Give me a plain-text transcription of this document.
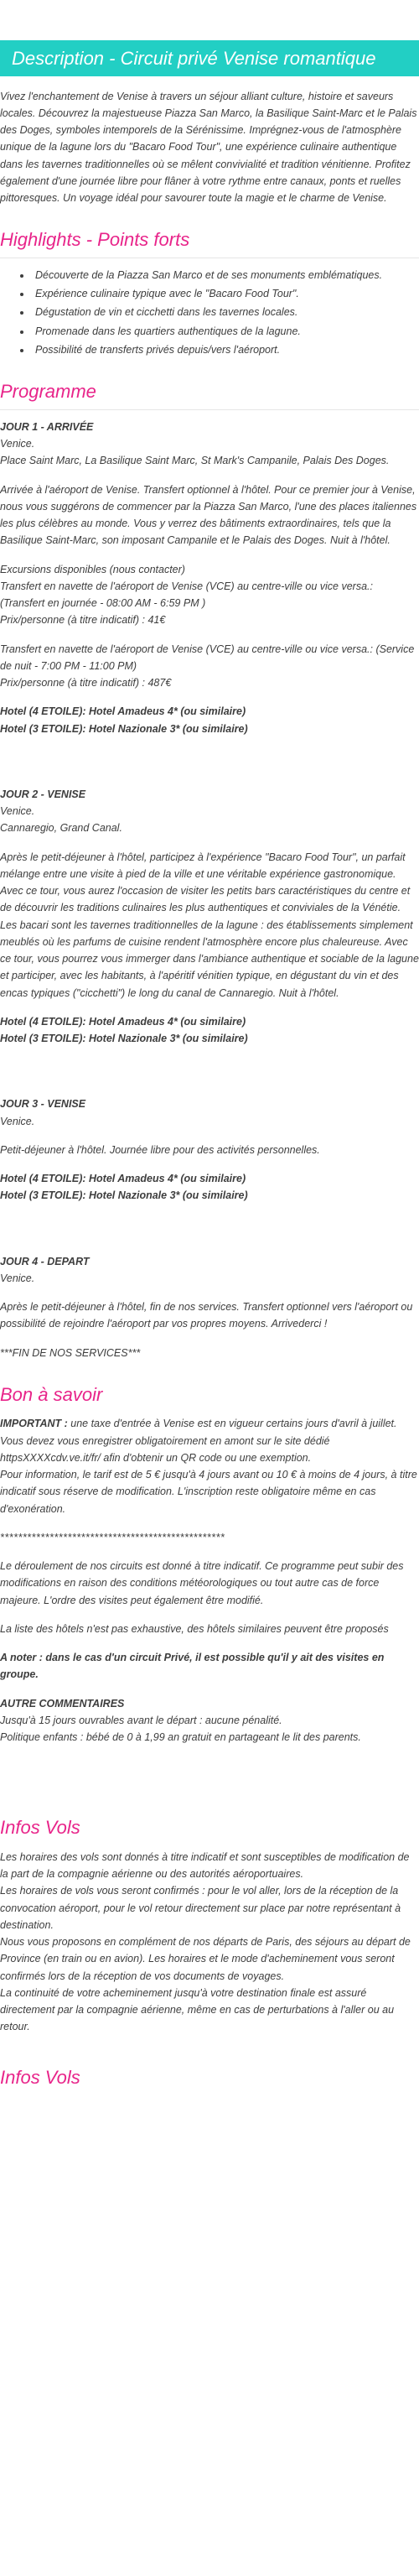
Description - Circuit privé Venise romantique

Vivez l'enchantement de Venise à travers un séjour alliant culture, histoire et saveurs locales. Découvrez la majestueuse Piazza San Marco, la Basilique Saint-Marc et le Palais des Doges, symboles intemporels de la Sérénissime. Imprégnez-vous de l'atmosphère unique de la lagune lors du "Bacaro Food Tour", une expérience culinaire authentique dans les tavernes traditionnelles où se mêlent convivialité et tradition vénitienne. Profitez également d'une journée libre pour flâner à votre rythme entre canaux, ponts et ruelles pittoresques. Un voyage idéal pour savourer toute la magie et le charme de Venise.

Highlights - Points forts
• Découverte de la Piazza San Marco et de ses monuments emblématiques.
• Expérience culinaire typique avec le "Bacaro Food Tour".
• Dégustation de vin et cicchetti dans les tavernes locales.
• Promenade dans les quartiers authentiques de la lagune.
• Possibilité de transferts privés depuis/vers l'aéroport.
Programme
JOUR 1 - ARRIVÉE
Venice.
Place Saint Marc, La Basilique Saint Marc, St Mark's Campanile, Palais Des Doges.

Arrivée à l'aéroport de Venise. Transfert optionnel à l'hôtel. Pour ce premier jour à Venise, nous vous suggérons de commencer par la Piazza San Marco, l'une des places italiennes les plus célèbres au monde. Vous y verrez des bâtiments extraordinaires, tels que la Basilique Saint-Marc, son imposant Campanile et le Palais des Doges. Nuit à l'hôtel.

Excursions disponibles (nous contacter)
Transfert en navette de l'aéroport de Venise (VCE) au centre-ville ou vice versa.: (Transfert en journée - 08:00 AM - 6:59 PM )
Prix/personne (à titre indicatif) : 41€
Transfert en navette de l'aéroport de Venise (VCE) au centre-ville ou vice versa.: (Service de nuit - 7:00 PM - 11:00 PM)
Prix/personne (à titre indicatif) : 487€
Hotel (4 ETOILE): Hotel Amadeus 4* (ou similaire)
Hotel (3 ETOILE): Hotel Nazionale 3* (ou similaire)
JOUR 2 - VENISE
Venice.
Cannaregio, Grand Canal.

Après le petit-déjeuner à l'hôtel, participez à l'expérience "Bacaro Food Tour", un parfait mélange entre une visite à pied de la ville et une véritable expérience gastronomique. Avec ce tour, vous aurez l'occasion de visiter les petits bars caractéristiques du centre et de découvrir les traditions culinaires les plus authentiques et conviviales de la Vénétie. Les bacari sont les tavernes traditionnelles de la lagune : des établissements simplement meublés où les parfums de cuisine rendent l'atmosphère encore plus chaleureuse. Avec ce tour, vous pourrez vous immerger dans l'ambiance authentique et sociable de la lagune et participer, avec les habitants, à l'apéritif vénitien typique, en dégustant du vin et des encas typiques ("cicchetti") le long du canal de Cannaregio. Nuit à l'hôtel.

Hotel (4 ETOILE): Hotel Amadeus 4* (ou similaire)
Hotel (3 ETOILE): Hotel Nazionale 3* (ou similaire)
JOUR 3 - VENISE
Venice.

Petit-déjeuner à l'hôtel. Journée libre pour des activités personnelles.

Hotel (4 ETOILE): Hotel Amadeus 4* (ou similaire)
Hotel (3 ETOILE): Hotel Nazionale 3* (ou similaire)
JOUR 4 - DEPART
Venice.

Après le petit-déjeuner à l'hôtel, fin de nos services. Transfert optionnel vers l'aéroport ou possibilité de rejoindre l'aéroport par vos propres moyens. Arrivederci !

***FIN DE NOS SERVICES***

Bon à savoir

IMPORTANT : une taxe d'entrée à Venise est en vigueur certains jours d'avril à juillet. Vous devez vous enregistrer obligatoirement en amont sur le site dédié httpsXXXXcdv.ve.it/fr/ afin d'obtenir un QR code ou une exemption.
Pour information, le tarif est de 5 € jusqu'à 4 jours avant ou 10 € à moins de 4 jours, à titre indicatif sous réserve de modification. L'inscription reste obligatoire même en cas d'exonération.

**************************************************

Le déroulement de nos circuits est donné à titre indicatif. Ce programme peut subir des modifications en raison des conditions météorologiques ou tout autre cas de force majeure. L'ordre des visites peut également être modifié.

La liste des hôtels n'est pas exhaustive, des hôtels similaires peuvent être proposés

A noter : dans le cas d'un circuit Privé, il est possible qu'il y ait des visites en groupe.

AUTRE COMMENTAIRES
Jusqu'à 15 jours ouvrables avant le départ : aucune pénalité.
Politique enfants : bébé de 0 à 1,99 an gratuit en partageant le lit des parents.
Infos Vols

Les horaires des vols sont donnés à titre indicatif et sont susceptibles de modification de la part de la compagnie aérienne ou des autorités aéroportuaires.
Les horaires de vols vous seront confirmés : pour le vol aller, lors de la réception de la convocation aéroport, pour le vol retour directement sur place par notre représentant à destination.
Nous vous proposons en complément de nos départs de Paris, des séjours au départ de Province (en train ou en avion). Les horaires et le mode d'acheminement vous seront confirmés lors de la réception de vos documents de voyages.
La continuité de votre acheminement jusqu'à votre destination finale est assuré directement par la compagnie aérienne, même en cas de perturbations à l'aller ou au retour.

Infos Vols
